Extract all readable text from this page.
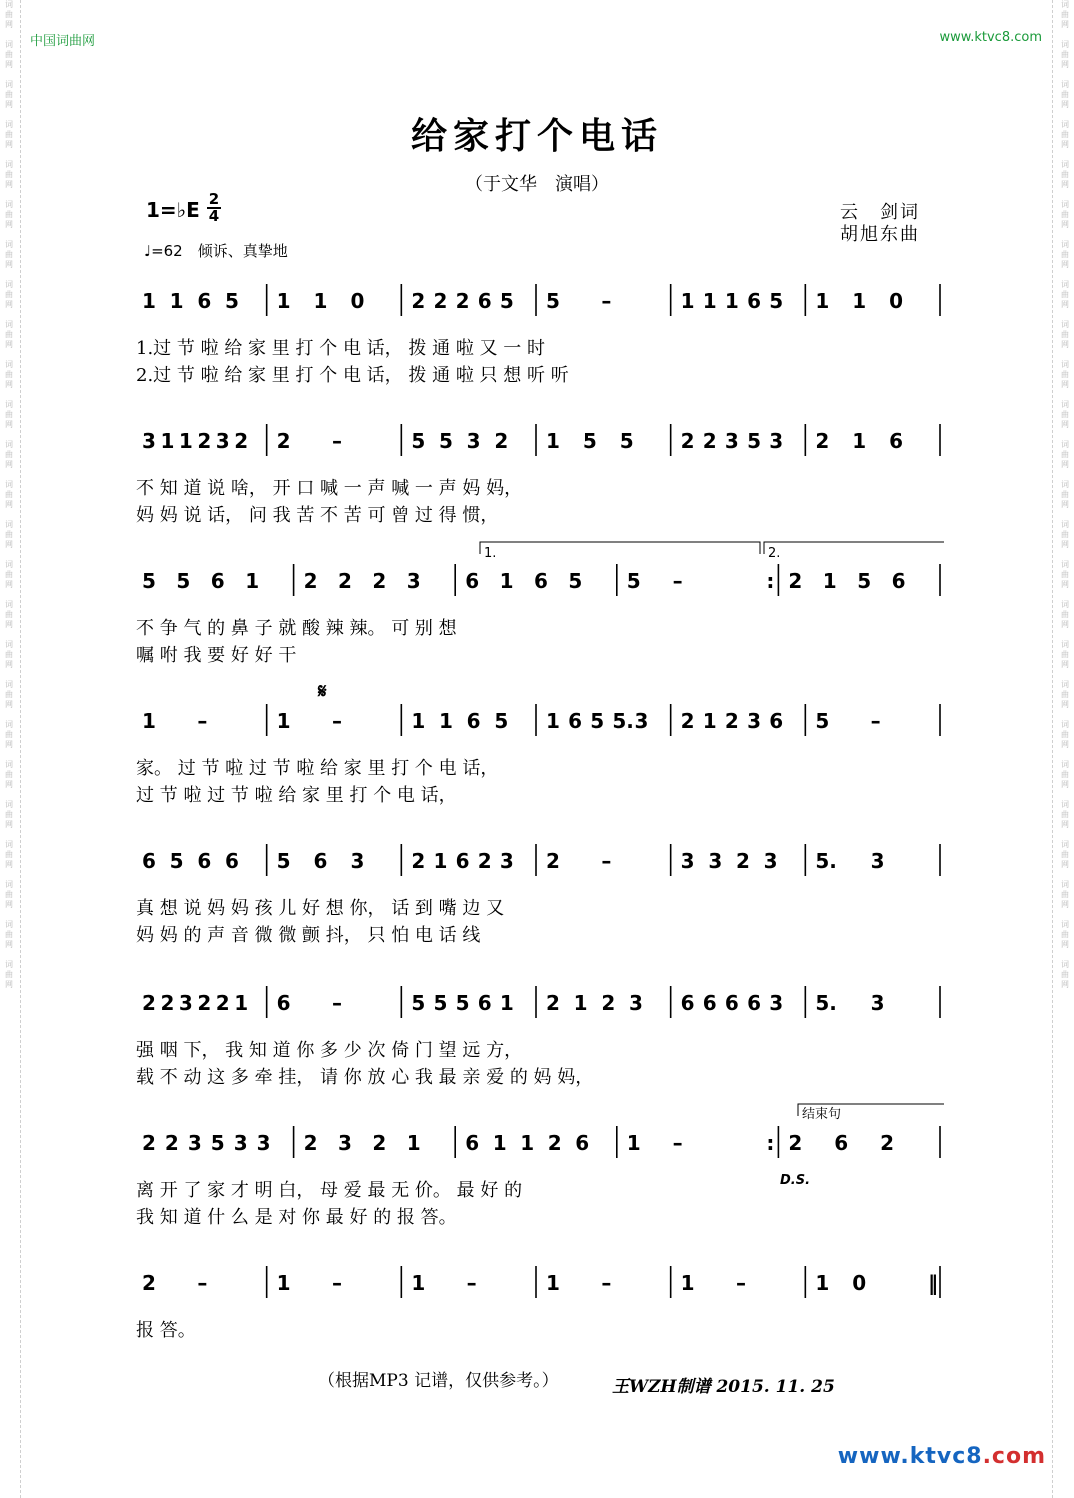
词
曲
网

词
曲
网

词
曲
网

词
曲
网

词
曲
网

词
曲
网

词
曲
网

词
曲
网

词
曲
网

词
曲
网

词
曲
网

词
曲
网

词
曲
网

词
曲
网

词
曲
网

词
曲
网

词
曲
网

词
曲
网

词
曲
网

词
曲
网

词
曲
网

词
曲
网

词
曲
网

词
曲
网

词
曲
网

词
曲
网

词
曲
网

词
曲
网

词
曲
网

词
曲
网

词
曲
网

词
曲
网

词
曲
网

词
曲
网

词
曲
网

词
曲
网

词
曲
网

词
曲
网

词
曲
网

词
曲
网

词
曲
网

词
曲
网

词
曲
网

词
曲
网

词
曲
网

词
曲
网

词
曲
网

词
曲
网

词
曲
网

词
曲
网

中国词曲网	www.ktvc8.com
给家打个电话
（于文华　演唱）
1=♭E 2
4
♩=62　倾诉、真挚地
云　剑词
胡旭东曲
1 1 6 5 1 1 0 2 2 2 6 5 5 –	1 1 1 6 5 1 1 0
1.过 节 啦 给 家 里 打 个 电 话， 拨 通 啦 又 一 时
2.过 节 啦 给 家 里 打 个 电 话， 拨 通 啦 只 想 听 听
3 1 1 2 3 2 2 –	5 5 3 2 1 5 5 2 2 3 5 3 2 1 6
不 知 道 说 啥， 开 口 喊 一 声 喊 一 声 妈 妈，
妈 妈 说 话， 问 我 苦 不 苦 可 曾 过 得 惯，
5 5 6 1 2 2 2 3 6 1 6 5 5 –	: 2 1 5 6
不 争 气 的 鼻 子 就 酸 辣 辣。 可 别 想
嘱 咐 我 要 好 好 干
1.	2.
1 –	1 –	1 1 6 5 1 6 5 5. 3 2 1 2 3 6 5 –
家。 过 节 啦 过 节 啦 给 家 里 打 个 电 话，
过 节 啦 过 节 啦 给 家 里 打 个 电 话，
𝄋
6 5 6 6 5 6 3 2 1 6 2 3 2 –	3 3 2 3 5. 3
真 想 说 妈 妈 孩 儿 好 想 你， 话 到 嘴 边 又
妈 妈 的 声 音 微 微 颤 抖， 只 怕 电 话 线
2 2 3 2 2 1 6 –	5 5 5 6 1 2 1 2 3 6 6 6 6 3 5. 3
强 咽 下， 我 知 道 你 多 少 次 倚 门 望 远 方，
载 不 动 这 多 牵 挂， 请 你 放 心 我 最 亲 爱 的 妈 妈，
2 2 3 5 3 3 2 3 2 1 6 1 1 2 6 1 –	: 2 6 2
离 开 了 家 才 明 白， 母 爱 最 无 价。 最 好 的
我 知 道 什 么 是 对 你 最 好 的 报 答。
结束句
D.S.
2 –	1 –	1 –	1 –	1 –	1 0	‖
报 答。
（根据MP3 记谱，仅供参考。）	王WZH制谱 2015. 11. 25
www.ktvc8.com
